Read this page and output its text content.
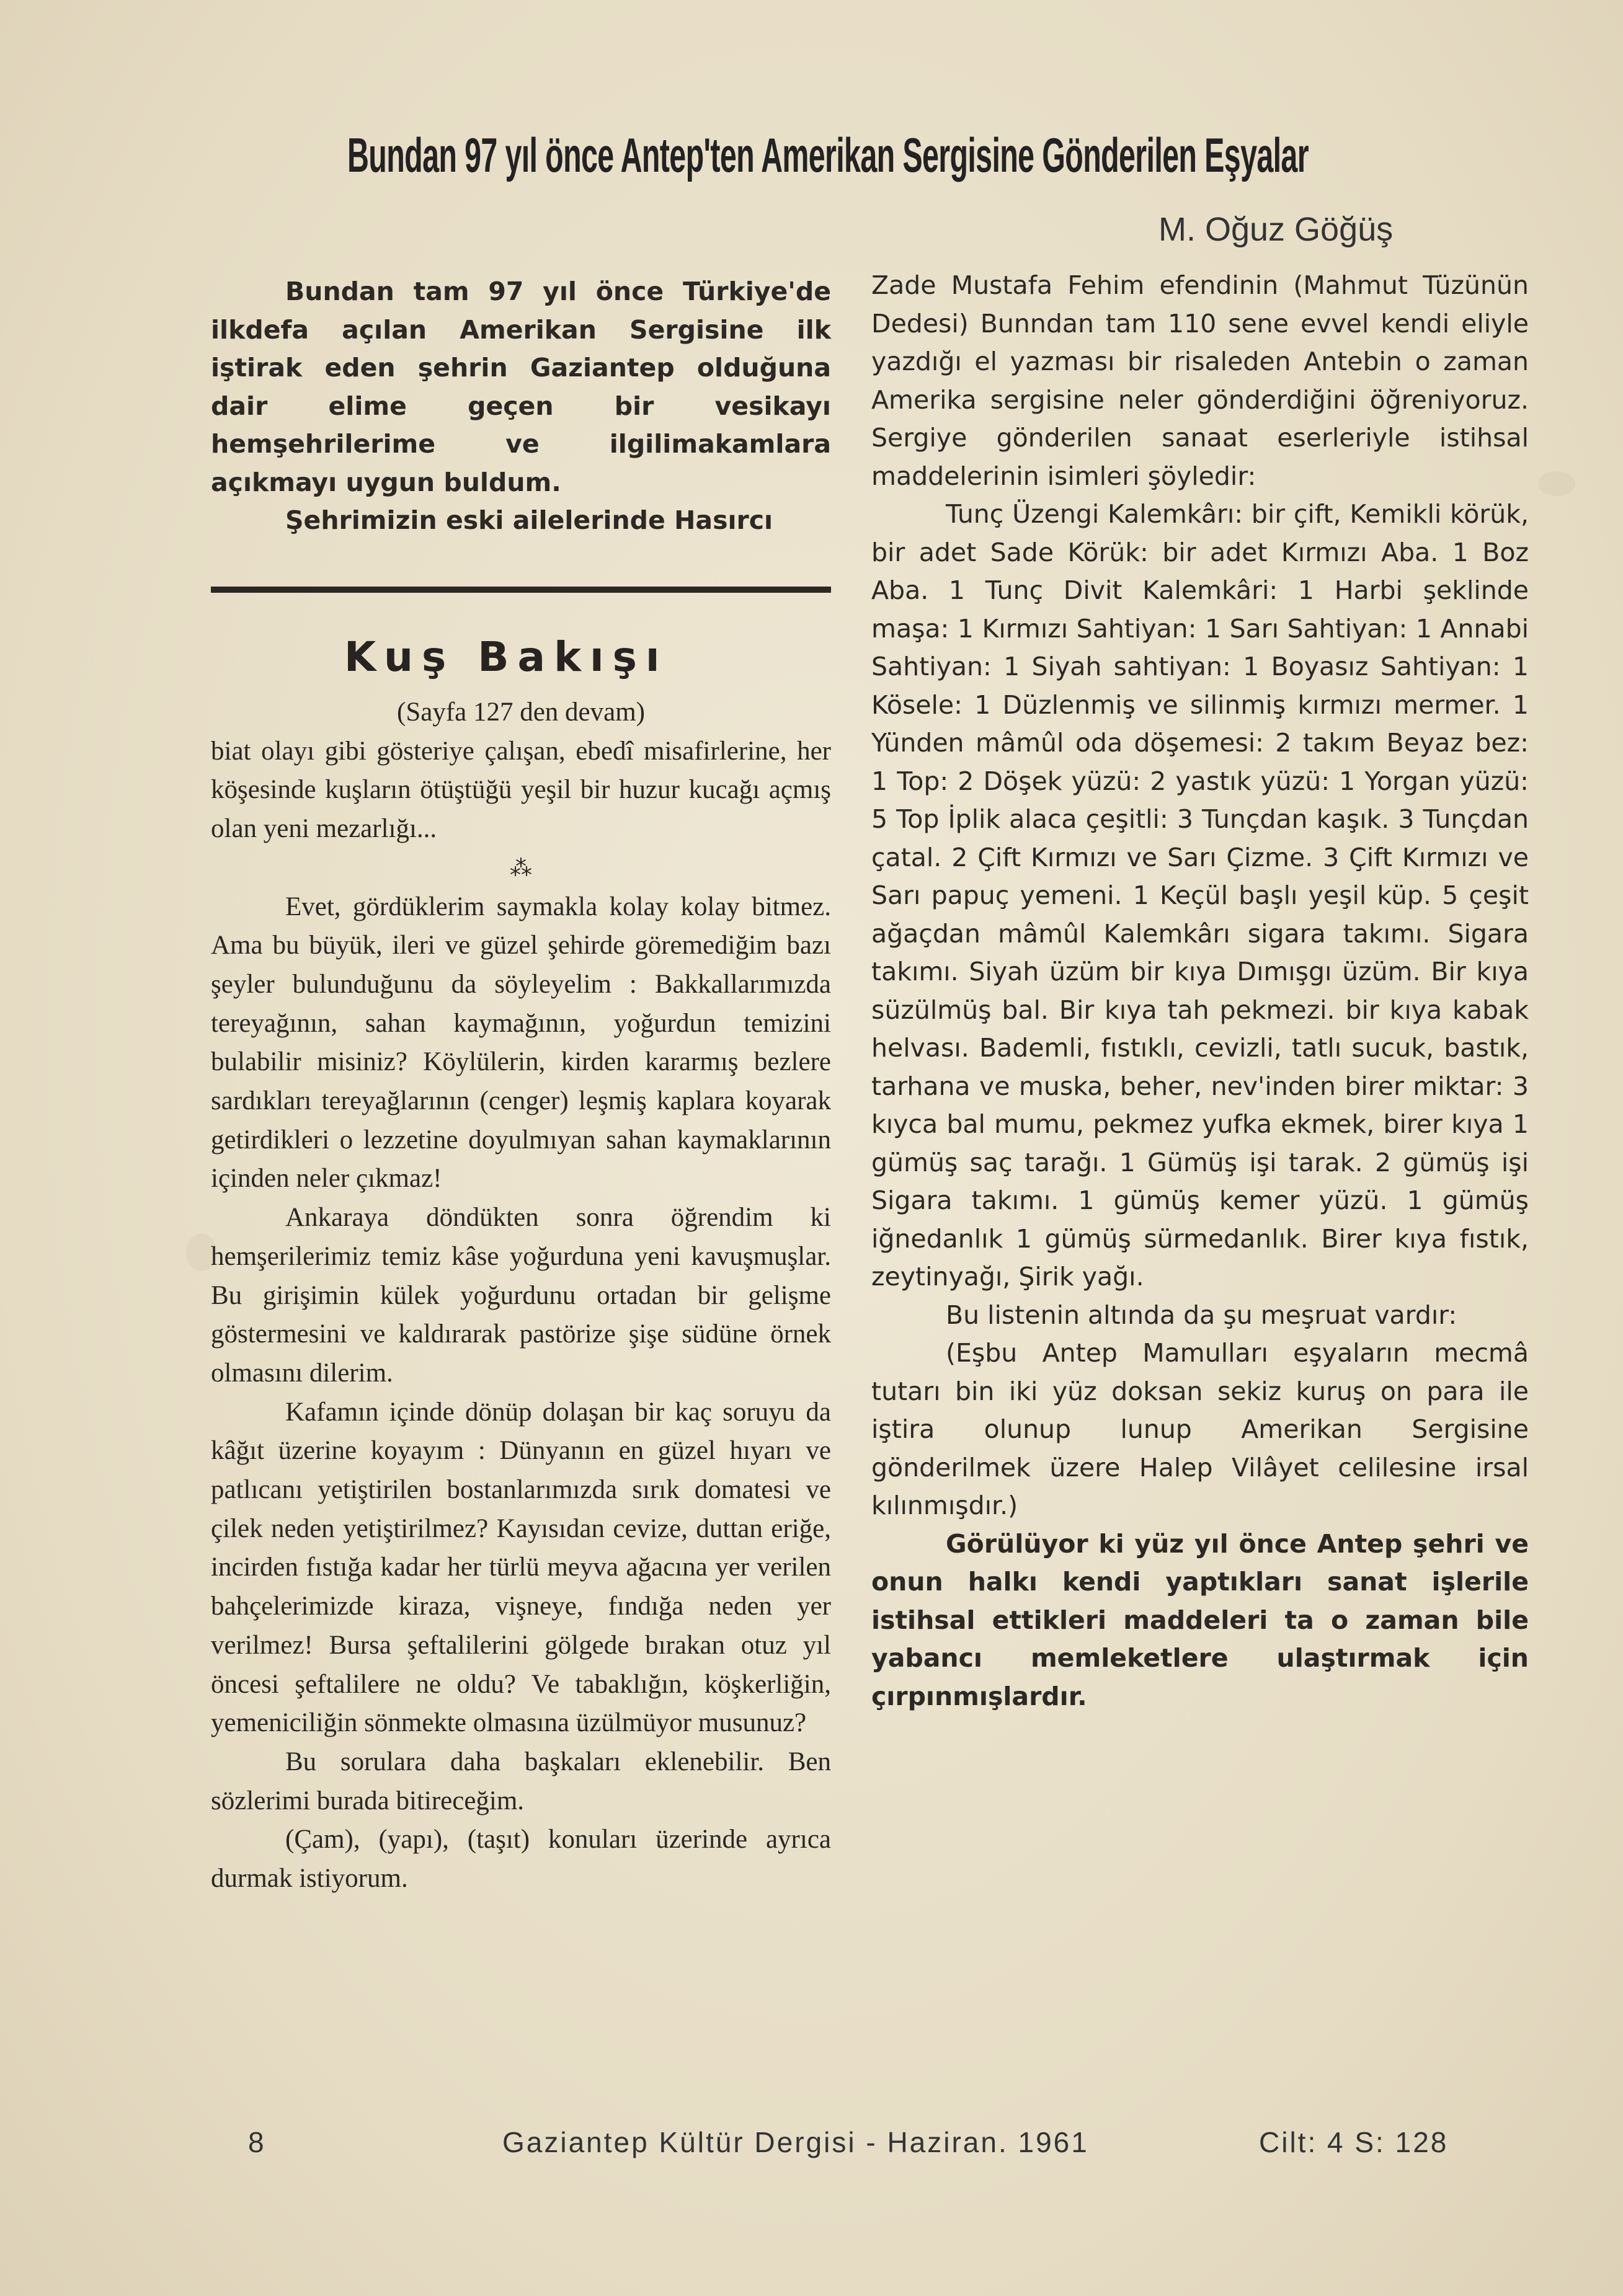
Bundan 97 yıl önce Antep'ten Amerikan Sergisine Gönderilen Eşyalar
M. Oğuz Göğüş

Bundan tam 97 yıl önce Türkiye'de ilkdefa açılan Amerikan Sergisine ilk iştirak eden şehrin Gaziantep olduğuna dair elime geçen bir vesikayı hemşehrilerime ve ilgilimakamlara açıkmayı uygun buldum.

Şehrimizin eski ailelerinde Hasırcı

Kuş Bakışı

(Sayfa 127 den devam)

biat olayı gibi gösteriye çalışan, ebedî misafirlerine, her köşesinde kuşların ötüştüğü yeşil bir huzur kucağı açmış olan yeni mezarlığı...

⁂

Evet, gördüklerim saymakla kolay kolay bitmez. Ama bu büyük, ileri ve güzel şehirde göremediğim bazı şeyler bulunduğunu da söyleyelim : Bakkallarımızda tereyağının, sahan kaymağının, yoğurdun temizini bulabilir misiniz? Köylülerin, kirden kararmış bezlere sardıkları tereyağlarının (cenger) leşmiş kaplara koyarak getirdikleri o lezzetine doyulmıyan sahan kaymaklarının içinden neler çıkmaz!

Ankaraya döndükten sonra öğrendim ki hemşerilerimiz temiz kâse yoğurduna yeni kavuşmuşlar. Bu girişimin külek yoğurdunu ortadan bir gelişme göstermesini ve kaldırarak pastörize şişe südüne örnek olmasını dilerim.

Kafamın içinde dönüp dolaşan bir kaç soruyu da kâğıt üzerine koyayım : Dünyanın en güzel hıyarı ve patlıcanı yetiştirilen bostanlarımızda sırık domatesi ve çilek neden yetiştirilmez? Kayısıdan cevize, duttan eriğe, incirden fıstığa kadar her türlü meyva ağacına yer verilen bahçelerimizde kiraza, vişneye, fındığa neden yer verilmez! Bursa şeftalilerini gölgede bırakan otuz yıl öncesi şeftalilere ne oldu? Ve tabaklığın, köşkerliğin, yemeniciliğin sönmekte olmasına üzülmüyor musunuz?

Bu sorulara daha başkaları eklenebilir. Ben sözlerimi burada bitireceğim.

(Çam), (yapı), (taşıt) konuları üzerinde ayrıca durmak istiyorum.

Zade Mustafa Fehim efendinin (Mahmut Tüzünün Dedesi) Bunndan tam 110 sene evvel kendi eliyle yazdığı el yazması bir risaleden Antebin o zaman Amerika sergisine neler gönderdiğini öğreniyoruz. Sergiye gönderilen sanaat eserleriyle istihsal maddelerinin isimleri şöyledir:

Tunç Üzengi Kalemkârı: bir çift, Kemikli körük, bir adet Sade Körük: bir adet Kırmızı Aba. 1 Boz Aba. 1 Tunç Divit Kalemkâri: 1 Harbi şeklinde maşa: 1 Kırmızı Sahtiyan: 1 Sarı Sahtiyan: 1 Annabi Sahtiyan: 1 Siyah sahtiyan: 1 Boyasız Sahtiyan: 1 Kösele: 1 Düzlenmiş ve silinmiş kırmızı mermer. 1 Yünden mâmûl oda döşemesi: 2 takım Beyaz bez: 1 Top: 2 Döşek yüzü: 2 yastık yüzü: 1 Yorgan yüzü: 5 Top İplik alaca çeşitli: 3 Tunçdan kaşık. 3 Tunçdan çatal. 2 Çift Kırmızı ve Sarı Çizme. 3 Çift Kırmızı ve Sarı papuç yemeni. 1 Keçül başlı yeşil küp. 5 çeşit ağaçdan mâmûl Kalemkârı sigara takımı. Sigara takımı. Siyah üzüm bir kıya Dımışgı üzüm. Bir kıya süzülmüş bal. Bir kıya tah pekmezi. bir kıya kabak helvası. Bademli, fıstıklı, cevizli, tatlı sucuk, bastık, tarhana ve muska, beher, nev'inden birer miktar: 3 kıyca bal mumu, pekmez yufka ekmek, birer kıya 1 gümüş saç tarağı. 1 Gümüş işi tarak. 2 gümüş işi Sigara takımı. 1 gümüş kemer yüzü. 1 gümüş iğnedanlık 1 gümüş sürmedanlık. Birer kıya fıstık, zeytinyağı, Şirik yağı.

Bu listenin altında da şu meşruat vardır:

(Eşbu Antep Mamulları eşyaların mecmâ tutarı bin iki yüz doksan sekiz kuruş on para ile iştira olunup lunup Amerikan Sergisine gönderilmek üzere Halep Vilâyet celilesine irsal kılınmışdır.)

Görülüyor ki yüz yıl önce Antep şehri ve onun halkı kendi yaptıkları sanat işlerile istihsal ettikleri maddeleri ta o zaman bile yabancı memleketlere ulaştırmak için çırpınmışlardır.

8	Gaziantep Kültür Dergisi - Haziran. 1961	Cilt: 4 S: 128
